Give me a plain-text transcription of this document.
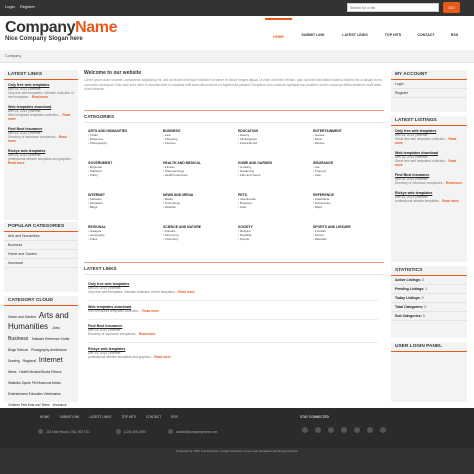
Login Register
Search for a link	GO
CompanyName
Nice Company Slogan here	HOME	SUBMIT LINK	LATEST LINKS	TOP HITS	CONTACT	RSS
Company
LATEST LINKS
Only free web templates
Dec 25, 2013 | Internet
Only free web templates, Ultimate collection of free templates... Read more
Web templates download
Dec 15, 2013 | Internet
Web templates templates collection.... Read more
Find Best Insurance
Dec 15, 2013 | Internet
Directory of insurance companies... Read more
Rickys web templates
Dec 15, 2013 | Internet
professional website templates and graphics... Read more
POPULAR CATEGORIES
Arts and Humanities
Business
Home and Garden
Insurance
CATEGORY CLOUD
Home and Garden Arts and Humanities Jobs Business Software Reference Crafts Blogs Science Photography Architecture Drawing Regional Internet News Health Medical Books Fitness Statistics Sports Pet Museums Artists Entertainment Education Veterinarian Children Pets Kids and Teens Insurance
Welcome to our website
Lorem ipsum dolor sit amet, consectetur adipisicing elit, sed do eiusmod tempor incididunt ut labore et dolore magna aliqua. Ut enim ad minim veniam, quis nostrud exercitation ullamco laboris nisi ut aliquip ex ea commodo consequat. Duis aute irure dolor in reprehenderit in voluptate velit esse cillum dolore eu fugiat nulla pariatur. Excepteur sint occaecat cupidatat non proident, sunt in culpa qui officia deserunt mollit anim id est laborum.
CATEGORIES
ARTS AND HUMANITIES
• Crafts
• Museums
• Photography
BUSINESS
• Law
• Shopping
• Finance
EDUCATION
• History
• Kindergarten
• Financial Aid
ENTERTAINMENT
• Games
• Music
• Movies
GOVERNMENT
• Regional
• Statistics
• Policy
HEALTH AND MEDICAL
• Fitness
• Pharmacology
• Health Insurance
HOME AND GARDEN
• Cooking
• Gardening
• Kids and Teens
INSURANCE
• Life
• Property
• Auto
INTERNET
• Software
• Hardware
• Blogs
NEWS AND MEDIA
• Rádio
• Technology
• Weather
PETS
• Veterinarian
• Breeders
• Cats
REFERENCE
• Classifieds
• Dictionaries
• Maps
REGIONAL
• Gadgets
• Geography
• Cities
SCIENCE AND NATURE
• Animals
• Astronomy
• Chemistry
SOCIETY
• Religion
• Disability
• People
SPORTS AND LEISURE
• Football
• Soccer
• Baseball
LATEST LINKS
Only free web templates
Dec 25, 2014 | Internet
Only free web templates, Ultimate collection of free templates... Read more
Web templates download
Web templates templates collection.... Read more
Find Best Insurance
Dec 15, 2014 | Internet
Directory of insurance companies... Read more
Rickys web templates
Dec 15, 2014 | Internet
professional website templates and graphics... Read more
MY ACCOUNT
Login
Register
LATEST LISTINGS
Only free web templates
Dec 25, 2013 | Internet
Great free web templates collection... Read more
Web templates download
Dec 15, 2013 | Internet
Great free web templates collection... Read more
Find Best Insurance
Dec 15, 2013 | Internet
Directory of insurance companies... Read more
Rickys web templates
Dec 15, 2013 | Internet
professional website templates... Read more
STATISTICS
Active Listings: 2
Pending Listings: 1
Today Listings: 0
Total Categories: 0
Sub Categories: 0
USER LOGIN PANEL
HOME	SUBMIT LINK	LATEST LINKS	TOP HITS	CONTACT	RSS	STAY CONNECTED
234 Main Road, USA, 002 TG1	(123) 456-7890	contact@companyname.com
Powered by: PHP Link Directory | Great collection of free web templates and design service
